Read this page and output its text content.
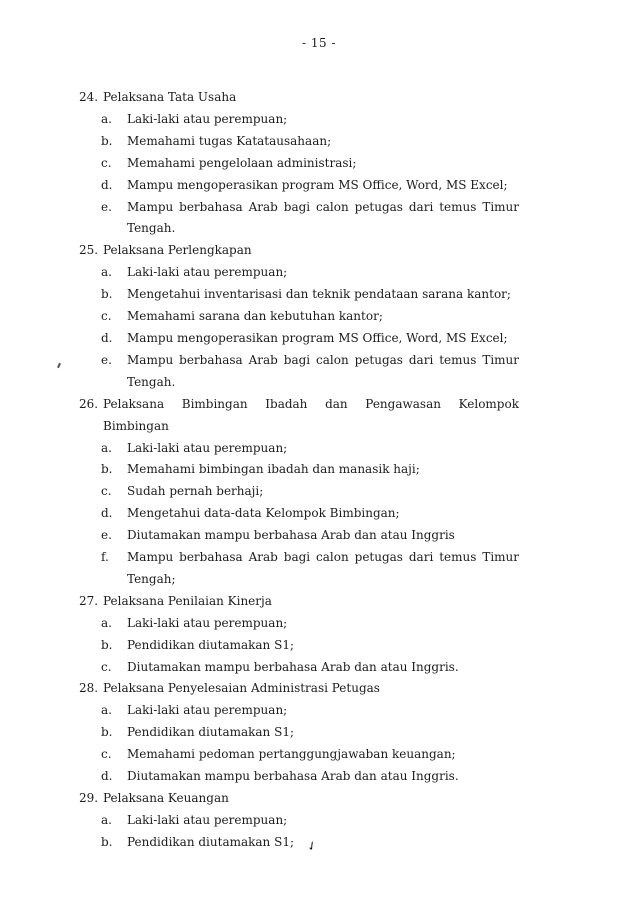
- 15 -
24. Pelaksana Tata Usaha
a.	Laki-laki atau perempuan;
b.	Memahami tugas Katatausahaan;
c.	Memahami pengelolaan administrasi;
d.	Mampu mengoperasikan program MS Office, Word, MS Excel;
e.	Mampu berbahasa Arab bagi calon petugas dari temus Timur
Tengah.
25. Pelaksana Perlengkapan
a.	Laki-laki atau perempuan;
b.	Mengetahui inventarisasi dan teknik pendataan sarana kantor;
c.	Memahami sarana dan kebutuhan kantor;
d.	Mampu mengoperasikan program MS Office, Word, MS Excel;
e.	Mampu berbahasa Arab bagi calon petugas dari temus Timur
Tengah.
26. Pelaksana Bimbingan Ibadah dan Pengawasan Kelompok
Bimbingan
a.	Laki-laki atau perempuan;
b.	Memahami bimbingan ibadah dan manasik haji;
c.	Sudah pernah berhaji;
d.	Mengetahui data-data Kelompok Bimbingan;
e.	Diutamakan mampu berbahasa Arab dan atau Inggris
f.	Mampu berbahasa Arab bagi calon petugas dari temus Timur
Tengah;
27. Pelaksana Penilaian Kinerja
a.	Laki-laki atau perempuan;
b.	Pendidikan diutamakan S1;
c.	Diutamakan mampu berbahasa Arab dan atau Inggris.
28. Pelaksana Penyelesaian Administrasi Petugas
a.	Laki-laki atau perempuan;
b.	Pendidikan diutamakan S1;
c.	Memahami pedoman pertanggungjawaban keuangan;
d.	Diutamakan mampu berbahasa Arab dan atau Inggris.
29. Pelaksana Keuangan
a.	Laki-laki atau perempuan;
b.	Pendidikan diutamakan S1; ✓
